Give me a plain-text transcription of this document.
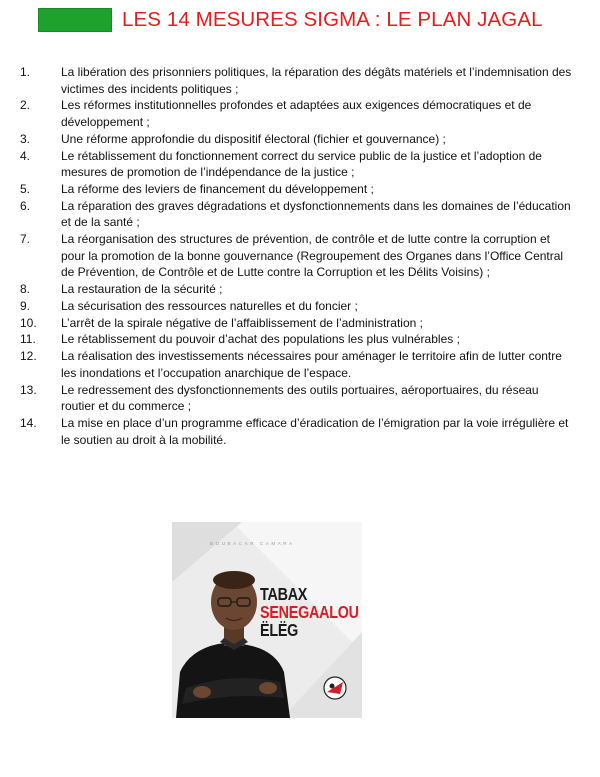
LES 14 MESURES SIGMA : LE PLAN JAGAL
1.	La libération des prisonniers politiques, la réparation des dégâts matériels et l’indemnisation des victimes des incidents politiques ;
2.	Les réformes institutionnelles profondes et adaptées aux exigences démocratiques et de développement ;
3.	Une réforme approfondie du dispositif électoral (fichier et gouvernance) ;
4.	Le rétablissement du fonctionnement correct du service public de la justice et l’adoption de mesures de promotion de l’indépendance de la justice ;
5.	La réforme des leviers de financement du développement ;
6.	La réparation des graves dégradations et dysfonctionnements dans les domaines de l’éducation et de la santé ;
7.	La réorganisation des structures de prévention, de contrôle et de lutte contre la corruption et pour la promotion de la bonne gouvernance (Regroupement des Organes dans l’Office Central de Prévention, de Contrôle et de Lutte contre la Corruption et les Délits Voisins) ;
8.	La restauration de la sécurité ;
9.	La sécurisation des ressources naturelles et du foncier ;
10.	L’arrêt de la spirale négative de l’affaiblissement de l’administration ;
11.	Le rétablissement du pouvoir d’achat des populations les plus vulnérables ;
12.	La réalisation des investissements nécessaires pour aménager le territoire afin de lutter contre les inondations et l’occupation anarchique de l’espace.
13.	Le redressement des dysfonctionnements des outils portuaires, aéroportuaires, du réseau routier et du commerce ;
14.	La mise en place d’un programme efficace d’éradication de l’émigration par la voie irrégulière et le soutien au droit à la mobilité.
BOUBACAR CAMARA
TABAX
SENEGAALOU
ËLËG
